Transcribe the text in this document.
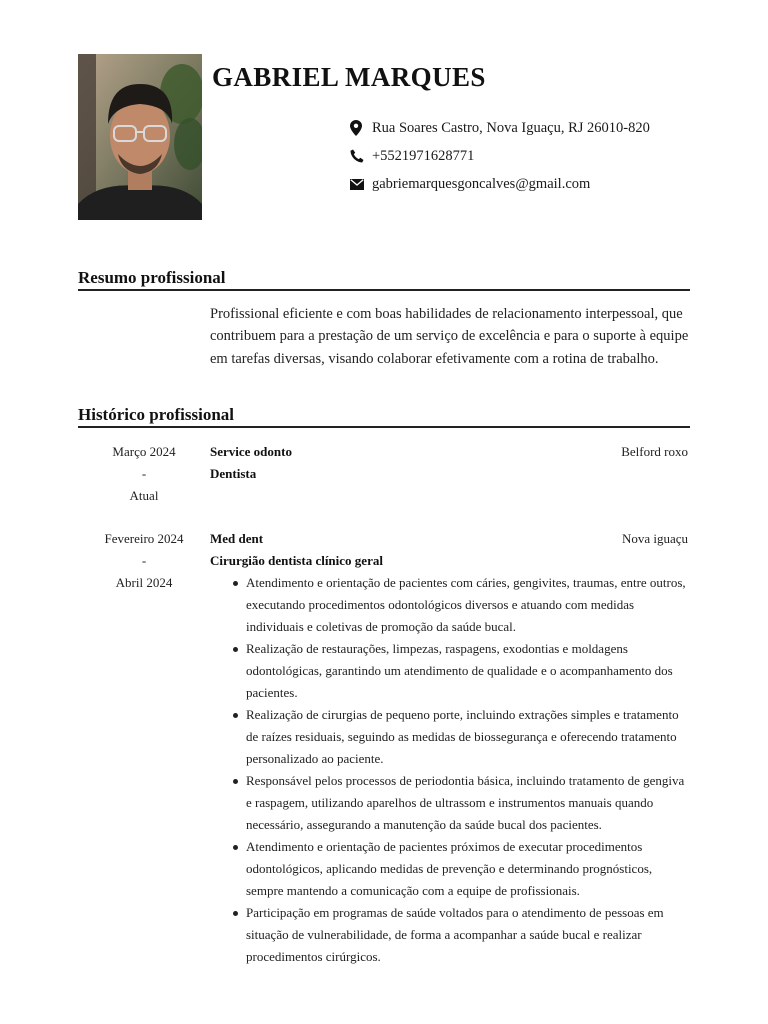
GABRIEL MARQUES
Rua Soares Castro, Nova Iguaçu, RJ 26010-820
+5521971628771
gabriemarquesgoncalves@gmail.com
Resumo profissional

Profissional eficiente e com boas habilidades de relacionamento interpessoal, que contribuem para a prestação de um serviço de excelência e para o suporte à equipe em tarefas diversas, visando colaborar efetivamente com a rotina de trabalho.

Histórico profissional
Março 2024
-
Atual
Service odonto
Dentista
Belford roxo
Fevereiro 2024
-
Abril 2024
Med dent
Cirurgião dentista clínico geral
Nova iguaçu
Atendimento e orientação de pacientes com cáries, gengivites, traumas, entre outros, executando procedimentos odontológicos diversos e atuando com medidas individuais e coletivas de promoção da saúde bucal.
Realização de restaurações, limpezas, raspagens, exodontias e moldagens odontológicas, garantindo um atendimento de qualidade e o acompanhamento dos pacientes.
Realização de cirurgias de pequeno porte, incluindo extrações simples e tratamento de raízes residuais, seguindo as medidas de biossegurança e oferecendo tratamento personalizado ao paciente.
Responsável pelos processos de periodontia básica, incluindo tratamento de gengiva e raspagem, utilizando aparelhos de ultrassom e instrumentos manuais quando necessário, assegurando a manutenção da saúde bucal dos pacientes.
Atendimento e orientação de pacientes próximos de executar procedimentos odontológicos, aplicando medidas de prevenção e determinando prognósticos, sempre mantendo a comunicação com a equipe de profissionais.
Participação em programas de saúde voltados para o atendimento de pessoas em situação de vulnerabilidade, de forma a acompanhar a saúde bucal e realizar procedimentos cirúrgicos.
